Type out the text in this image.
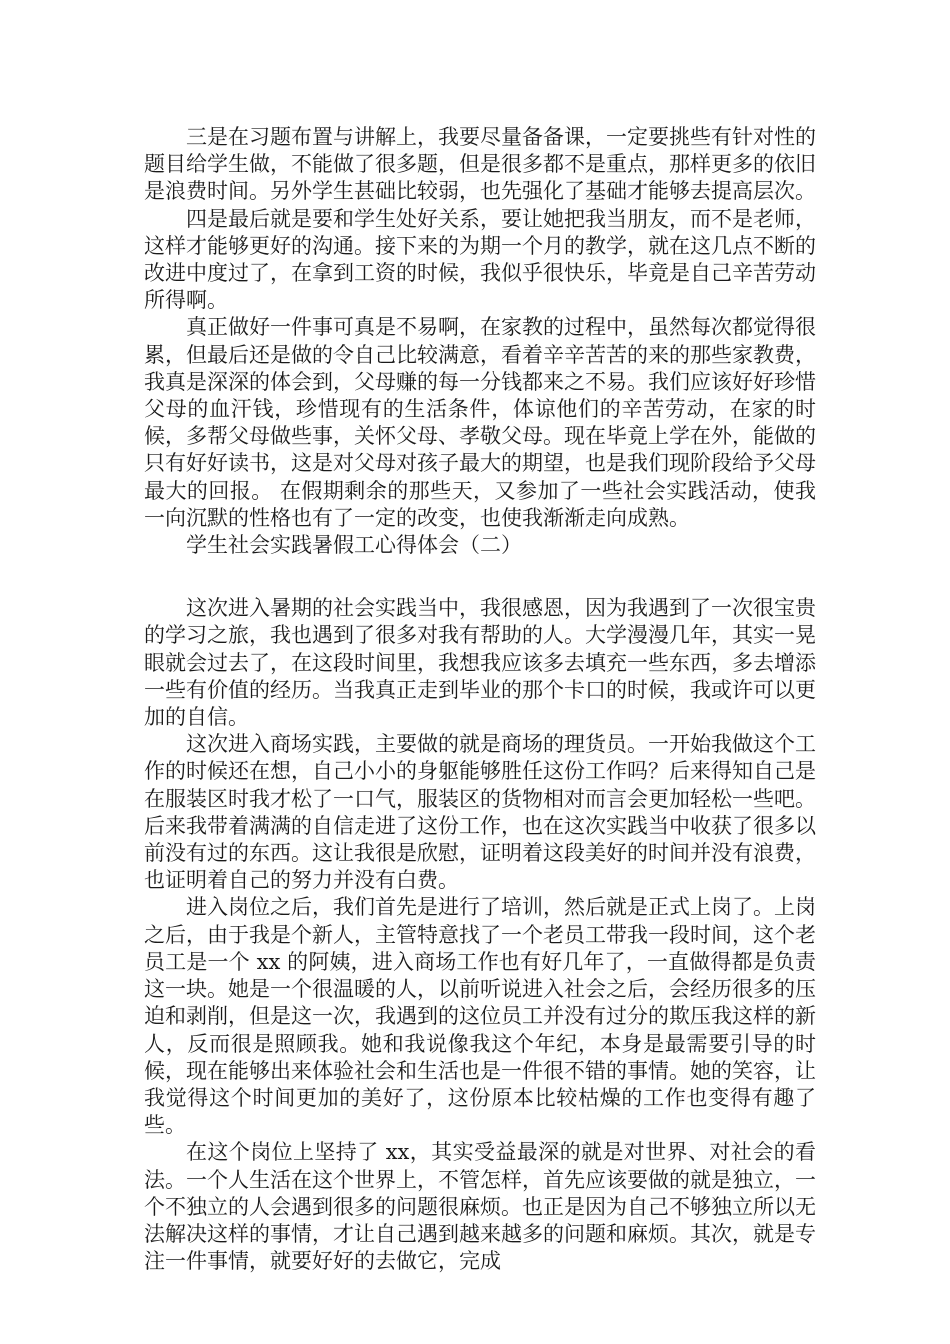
三是在习题布置与讲解上，我要尽量备备课，一定要挑些有针对性的题目给学生做，不能做了很多题，但是很多都不是重点，那样更多的依旧是浪费时间。另外学生甚础比较弱，也先强化了基础才能够去提高层次。

四是最后就是要和学生处好关系，要让她把我当朋友，而不是老师，这样才能够更好的沟通。接下来的为期一个月的教学，就在这几点不断的改进中度过了，在拿到工资的时候，我似乎很快乐，毕竟是自己辛苦劳动所得啊。

真正做好一件事可真是不易啊，在家教的过程中，虽然每次都觉得很累，但最后还是做的令自己比较满意，看着辛辛苦苦的来的那些家教费，我真是深深的体会到，父母赚的每一分钱都来之不易。我们应该好好珍惜父母的血汗钱，珍惜现有的生活条件，体谅他们的辛苦劳动，在家的时候，多帮父母做些事，关怀父母、孝敬父母。现在毕竟上学在外，能做的只有好好读书，这是对父母对孩子最大的期望，也是我们现阶段给予父母最大的回报。 在假期剩余的那些天，又参加了一些社会实践活动，使我一向沉默的性格也有了一定的改变，也使我渐渐走向成熟。

学生社会实践暑假工心得体会（二）

这次进入暑期的社会实践当中，我很感恩，因为我遇到了一次很宝贵的学习之旅，我也遇到了很多对我有帮助的人。大学漫漫几年，其实一晃眼就会过去了，在这段时间里，我想我应该多去填充一些东西，多去增添一些有价值的经历。当我真正走到毕业的那个卡口的时候，我或许可以更加的自信。

这次进入商场实践，主要做的就是商场的理货员。一开始我做这个工作的时候还在想，自己小小的身躯能够胜任这份工作吗？后来得知自己是在服装区时我才松了一口气，服装区的货物相对而言会更加轻松一些吧。后来我带着满满的自信走进了这份工作，也在这次实践当中收获了很多以前没有过的东西。这让我很是欣慰，证明着这段美好的时间并没有浪费，也证明着自己的努力并没有白费。

进入岗位之后，我们首先是进行了培训，然后就是正式上岗了。上岗之后，由于我是个新人，主管特意找了一个老员工带我一段时间，这个老员工是一个 xx 的阿姨，进入商场工作也有好几年了，一直做得都是负责这一块。她是一个很温暖的人，以前听说进入社会之后，会经历很多的压迫和剥削，但是这一次，我遇到的这位员工并没有过分的欺压我这样的新人，反而很是照顾我。她和我说像我这个年纪，本身是最需要引导的时候，现在能够出来体验社会和生活也是一件很不错的事情。她的笑容，让我觉得这个时间更加的美好了，这份原本比较枯燥的工作也变得有趣了些。

在这个岗位上坚持了 xx，其实受益最深的就是对世界、对社会的看法。一个人生活在这个世界上，不管怎样，首先应该要做的就是独立，一个不独立的人会遇到很多的问题很麻烦。也正是因为自己不够独立所以无法解决这样的事情，才让自己遇到越来越多的问题和麻烦。其次，就是专注一件事情，就要好好的去做它，完成
